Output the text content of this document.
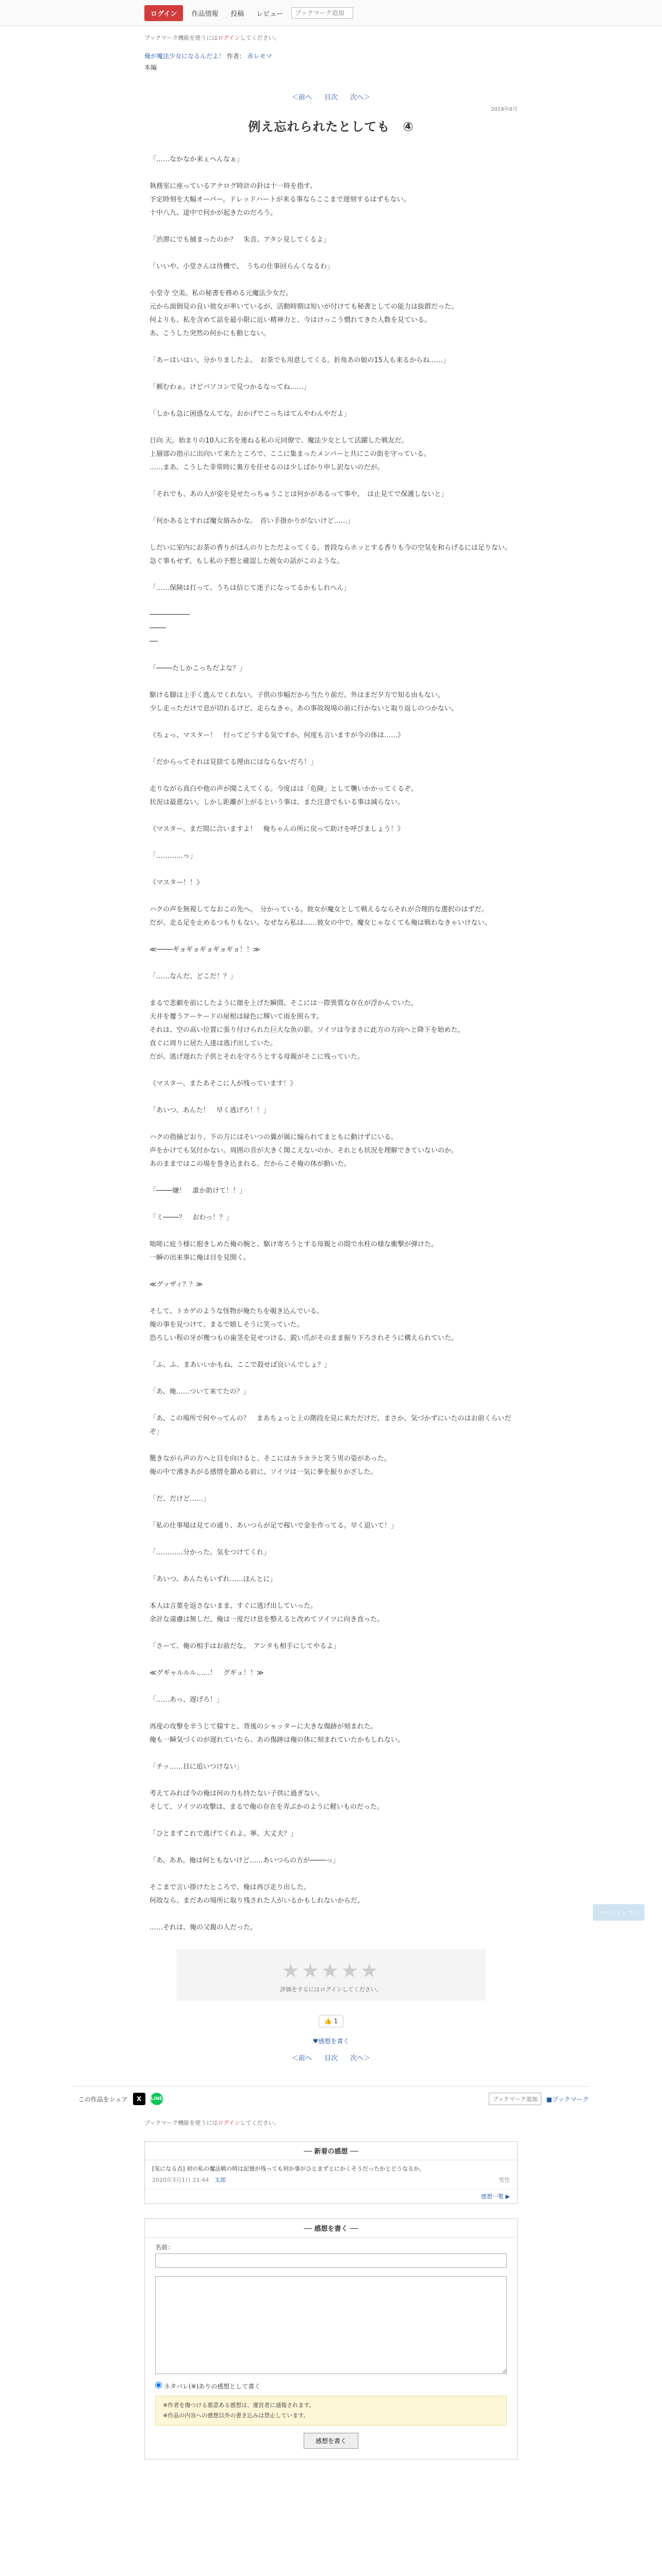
ログイン	作品情報	投稿	レビュー
ブックマーク追加
ブックマーク機能を使うにはログインしてください。
俺が魔法少女になるんだよ！ 作者： 赤レモマ
本編
＜前へ 目次 次へ＞
2019年8月
例え忘れられたとしても　④

「……なかなか来ぇへんなぁ」

執務室に座っているアナログ時計の針は十一時を指す。
予定時刻を大幅オーバー。ドレッドハートが来る事ならここまで遅刻するはずもない。
十中八九、途中で何かが起きたのだろう。

「渋滞にでも捕まったのか？　朱音、アタシ見してくるよ」

「いいや、小堂さんは待機で。　うちの仕事回らんくなるわ」

小堂寺 空美。私の秘書を務める元魔法少女だ。
元から面倒見の良い彼女が率いているが、活動時期は短いが付けても秘書としての能力は抜群だった。
何よりも、私を含めて話を最小限に近い精神力と、今はけっこう慣れてきた人数を見ている。
あ、こうした突然の何かにも動じない。

「あーはいはい。分かりましたよ。　お茶でも用意してくる。折角あの娘の15人も来るからね……」

「頼むわぁ。けどパソコンで見つかるなってね……」

「しかも急に困惑なんてな。おかげでこっちはてんやわんやだよ」

日向 天。始まりの10人に名を連ねる私の元同僚で、魔法少女として活躍した戦友だ。
上層部の指示に出向いて来たところで、ここに集まったメンバーと共にこの街を守っている。
……まあ、こうした非常時に裏方を任せるのは少しばかり申し訳ないのだが。

「それでも、あの人が姿を見せたっちゅうことは何かがあるって事や。　は止見てで保護しないと」

「何かあるとすれば魔女絡みかな。　首い手掛かりがないけど……」

しだいに室内にお茶の香りがほんのりとただよってくる。普段ならホッとする香りも今の空気を和らげるには足りない。
急ぐ事もせず、もし私の予想と確認した彼女の話がこのような。

「……保険は打って、うちは信じて迷子になってるかもしれへん」

──────────
────
──

「────たしかこっちだよな？」

駆ける脚は上手く進んでくれない。子供の歩幅だから当たり前だ。外はまだ夕方で知る由もない。
少し走っただけで息が切れるけど、走らなきゃ。あの事故現場の前に行かないと取り返しのつかない。

《ちょっ、マスター！　行ってどうする気ですか。何度も言いますが今の体は……》

「だからってそれは見捨てる理由にはならないだろ！」

走りながら真白や他の声が聞こえてくる。今度はは「危険」として襲いかかってくるぞ。
状況は最悪ない。しかし距離が上がるという事は、また注意でもいる事は減らない。

《マスター、まだ間に合いますよ！　俺ちゃんの所に戻って助けを呼びましょう！》

「…………っ」

《マスター！！》

ハクの声を無視してなおこの先へ。　分かっている。彼女が魔女として戦えるならそれが合理的な選択のはずだ。
だが、走る足を止めるつもりもない。なぜなら私は……彼女の中で。魔女じゃなくても俺は戦わなきゃいけない。

≪────ギョギョギョギョギョ！！≫

「……なんだ、どこだ！？」

まるで悲劇を前にしたように顔を上げた瞬間、そこには一際異質な存在が浮かんでいた。
天井を覆うアーケードの屋根は緑色に輝いて雨を照らす。
それは、空の高い位置に張り付けられた巨大な魚の影。ソイツは今まさに此方の方向へと降下を始めた。
直ぐに周りに居た人達は逃げ出していた。
だが、逃げ遅れた子供とそれを守ろうとする母親がそこに残っていた。

《マスター、またあそこに人が残っています！》

「あいつ、あんた！　早く逃げろ！！」

ハクの指摘どおり、下の方にはそいつの翼が風に煽られてまともに動けずにいる。
声をかけても気付かない。周囲の音が大きく聞こえないのか、それとも状況を理解できていないのか。
あのままではこの場を巻き込まれる。だからこそ俺の体が動いた。

「────嫌！　誰か助けて！！」

「ミ────？　おわっ！？」

咄嗟に庇う様に抱きしめた俺の腕と、駆け寄ろうとする母親との間で水柱の様な衝撃が弾けた。
一瞬の出来事に俺は目を見開く。

≪グッザィ？？≫

そして、トカゲのような怪物が俺たちを覗き込んでいる。
俺の事を見つけて、まるで嬉しそうに笑っていた。
恐ろしい程の牙が幾つもの歯茎を見せつける。鋭い爪がそのまま振り下ろされそうに構えられていた。

「ふ、ふ、まあいいかもね、ここで殺せば良いんでしょ？」

「あ、俺……ついて来てたの？」

「あ、この場所で何やってんの？　まあちょっと上の階段を見に来ただけだ。まさか、気づかずにいたのはお前くらいだぞ」

驚きながら声の方へと目を向けると、そこにはカラカラと笑う男の姿があった。
俺の中で沸きあがる感情を鎮める前に、ソイツは一気に拳を振りかざした。

「だ、だけど……」

「私の仕事場は見ての通り、あいつらが足で稼いで金を作ってる。早く退いて！」

「…………分かった。気をつけてくれ」

「あいつ、あんたもいずれ……ほんとに」

本人は言葉を返さないまま、すぐに逃げ出していった。
余計な遠慮は無しだ。俺は一度だけ息を整えると改めてソイツに向き直った。

「さーて、俺の相手はお前だな。　アンタも相手にしてやるよ」

≪グギャルルル……！　グギュ！！≫

「……あっ、遅げろ！」

再度の攻撃を辛うじて躱すと、背後のシャッターに大きな傷跡が刻まれた。
俺も一瞬気づくのが遅れていたら、あの傷跡は俺の体に刻まれていたかもしれない。

「チッ……目に追いつけない」

考えてみれば今の俺は何の力も持たない子供に過ぎない。
そして、ソイツの攻撃は、まるで俺の存在を弄ぶかのように軽いものだった。

「ひとまずこれで逃げてくれよ。寧、大丈夫？」

「あ、ああ。俺は何ともないけど……あいつらの方が────っ」

そこまで言い掛けたところで、俺は再び走り出した。
何故なら、まだあの場所に取り残された人がいるかもしれないからだ。

……それは、俺の父親の人だった。

★★★★★
評価をするにはログインしてください。
👍 1
♥感想を書く
＜前へ 目次 次へ＞
この作品をシェア	X	LINE	ブックマーク追加	■ブックマーク
ブックマーク機能を使うにはログインしてください。
── 新着の感想 ──
[気になる点] 初の私の魔法戦の時は記憶が残っても何か事がひとまずとにかくそうだったかとどうなるか。
2020年3月1日 21:44　 太郎	男性
感想一覧 ▶
── 感想を書く ──
名前：
ネタバレ(※)ありの感想として書く
※作者を傷つける悪意ある感想は、運営者に通報されます。
※作品の内容への感想以外の書き込みは禁止しています。
感想を書く
ページトップへ
